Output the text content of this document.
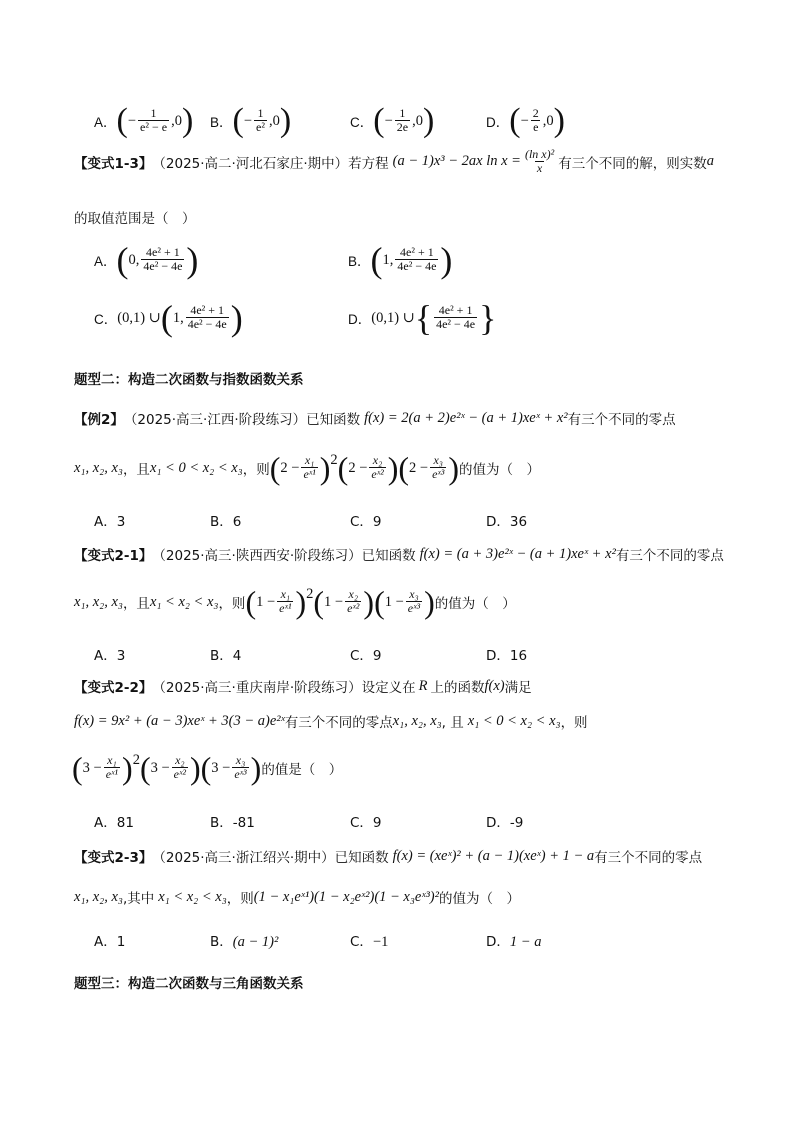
A． ( − $\frac{1}{\text{e² − e}} ,0$ ) B． ( − $\frac{1}{\text{e²}} ,0$ )	C． ( − $\frac{1}{2e} ,0$ )	D． ( − $\frac{2}{e} ,0$ )
【变式1-3】 （2025·高二·河北石家庄·期中） 若方程 (a − 1)x³ − 2ax $\ln x = \frac{\text{(ln x)²}}{x}$ 有三个不同的解，则实数 a
的取值范围是（　）
A． ( 0, $\frac{\text{4e² + 1}}{\text{4e² − 4e}}$ )	B． ( 1, $\frac{\text{4e² + 1}}{\text{4e² − 4e}}$ )
C． (0,1) ∪ ( 1, $\frac{\text{4e² + 1}}{\text{4e² − 4e}}$ )	D． (0,1) ∪ { $\frac{\text{4e² + 1}}{\text{4e² − 4e}}$ }
题型二：构造二次函数与指数函数关系
【例2】 （2025·高三·江西·阶段练习） 已知函数 f(x) = 2(a + 2)e²ˣ − (a + 1)xeˣ + x² 有三个不同的零点
x₁, x₂, x₃ ，且 x₁ < 0 < x₂ < x₃ ，则 ( $2 - \frac{\text{x₁}}{\text{eˣ¹}}$ ) 2 ( $2 - \frac{\text{x₂}}{\text{eˣ²}}$ ) ( $2 - \frac{\text{x₃}}{\text{eˣ³}}$ ) 的值为（　）
A．3	B．6	C．9	D．36
【变式2-1】 （2025·高三·陕西西安·阶段练习） 已知函数 f(x) = (a + 3)e²ˣ − (a + 1)xeˣ + x² 有三个不同的零点
x₁, x₂, x₃ ，且 x₁ < x₂ < x₃ ，则 ( $1 - \frac{\text{x₁}}{\text{eˣ¹}}$ ) 2 ( $1 - \frac{\text{x₂}}{\text{eˣ²}}$ ) ( $1 - \frac{\text{x₃}}{\text{eˣ³}}$ ) 的值为（　）
A．3	B．4	C．9	D．16
【变式2-2】 （2025·高三·重庆南岸·阶段练习） 设定义在 R 上的函数 f(x) 满足
f(x) = 9x² + (a − 3)xeˣ + 3(3 − a)e²ˣ 有三个不同的零点 x₁, x₂, x₃ , 且 x₁ < 0 < x₂ < x₃ ，则
( $3 - \frac{\text{x₁}}{\text{eˣ¹}}$ ) 2 ( $3 - \frac{\text{x₂}}{\text{eˣ²}}$ ) ( $3 - \frac{\text{x₃}}{\text{eˣ³}}$ ) 的值是（　）
A．81	B．-81	C．9	D．-9
【变式2-3】 （2025·高三·浙江绍兴·期中） 已知函数 f(x) = (xeˣ)² + (a − 1)(xeˣ) + 1 − a 有三个不同的零点
x₁, x₂, x₃ ,其中 x₁ < x₂ < x₃ ，则 (1 − x₁eˣ¹)(1 − x₂eˣ²)(1 − x₃eˣ³)² 的值为（　）
A．1	B．(a − 1)²	C．−1	D．1 − a
题型三：构造二次函数与三角函数关系
